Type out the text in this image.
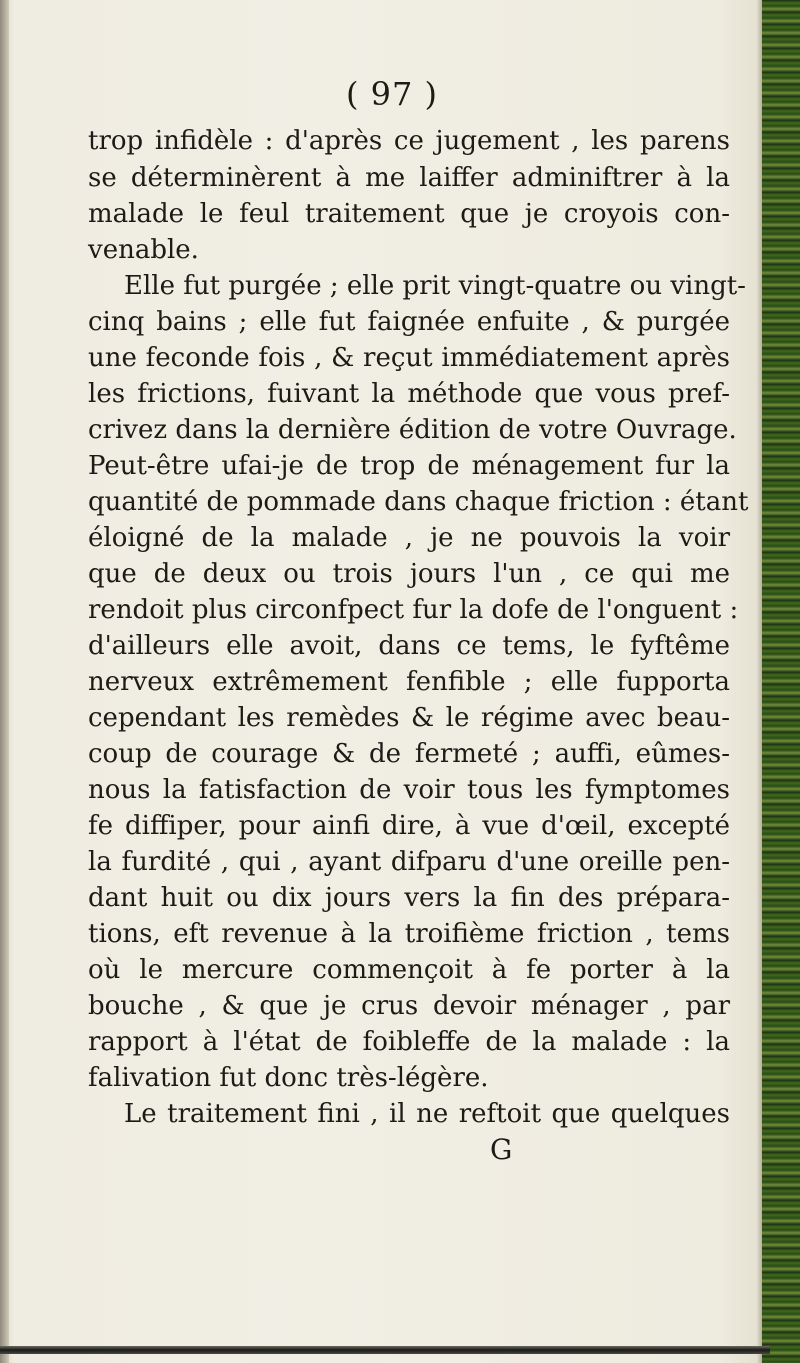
( 97 )
trop infidèle : d'après ce jugement , les parens
se déterminèrent à me laiffer adminiftrer à la
malade le feul traitement que je croyois con-
venable.
Elle fut purgée ; elle prit vingt-quatre ou vingt-
cinq bains ; elle fut faignée enfuite , & purgée
une feconde fois , & reçut immédiatement après
les frictions, fuivant la méthode que vous pref-
crivez dans la dernière édition de votre Ouvrage.
Peut-être ufai-je de trop de ménagement fur la
quantité de pommade dans chaque friction : étant
éloigné de la malade , je ne pouvois la voir
que de deux ou trois jours l'un , ce qui me
rendoit plus circonfpect fur la dofe de l'onguent :
d'ailleurs elle avoit, dans ce tems, le fyftême
nerveux extrêmement fenfible ; elle fupporta
cependant les remèdes & le régime avec beau-
coup de courage & de fermeté ; auffi, eûmes-
nous la fatisfaction de voir tous les fymptomes
fe diffiper, pour ainfi dire, à vue d'œil, excepté
la furdité , qui , ayant difparu d'une oreille pen-
dant huit ou dix jours vers la fin des prépara-
tions, eft revenue à la troifième friction , tems
où le mercure commençoit à fe porter à la
bouche , & que je crus devoir ménager , par
rapport à l'état de foibleffe de la malade : la
falivation fut donc très-légère.
Le traitement fini , il ne reftoit que quelques
G
